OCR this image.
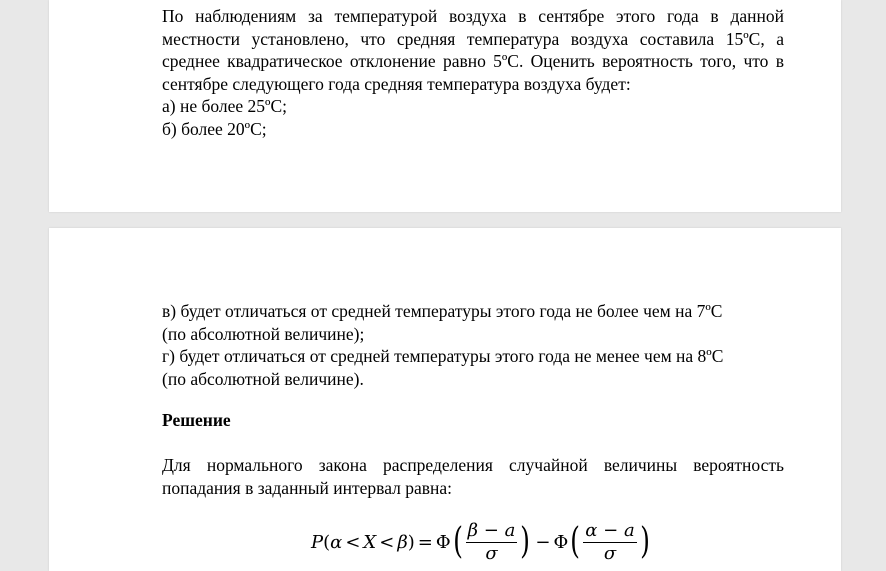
По наблюдениям за температурой воздуха в сентябре этого года в данной местности установлено, что средняя температура воздуха составила 15ºС, а среднее квадратическое отклонение равно 5ºС. Оценить вероятность того, что в сентябре следующего года средняя температура воздуха будет:

а) не более 25ºС;

б) более 20ºС;

в) будет отличаться от средней температуры этого года не более чем на 7ºС

(по абсолютной величине);

г) будет отличаться от средней температуры этого года не менее чем на 8ºС

(по абсолютной величине).

Решение

Для нормального закона распределения случайной величины вероятность попадания в заданный интервал равна:

P ( α < X < β ) = Φ ( $\frac{\beta - a}{\sigma}$ ) − Φ ( $\frac{\alpha - a}{\sigma}$ )
